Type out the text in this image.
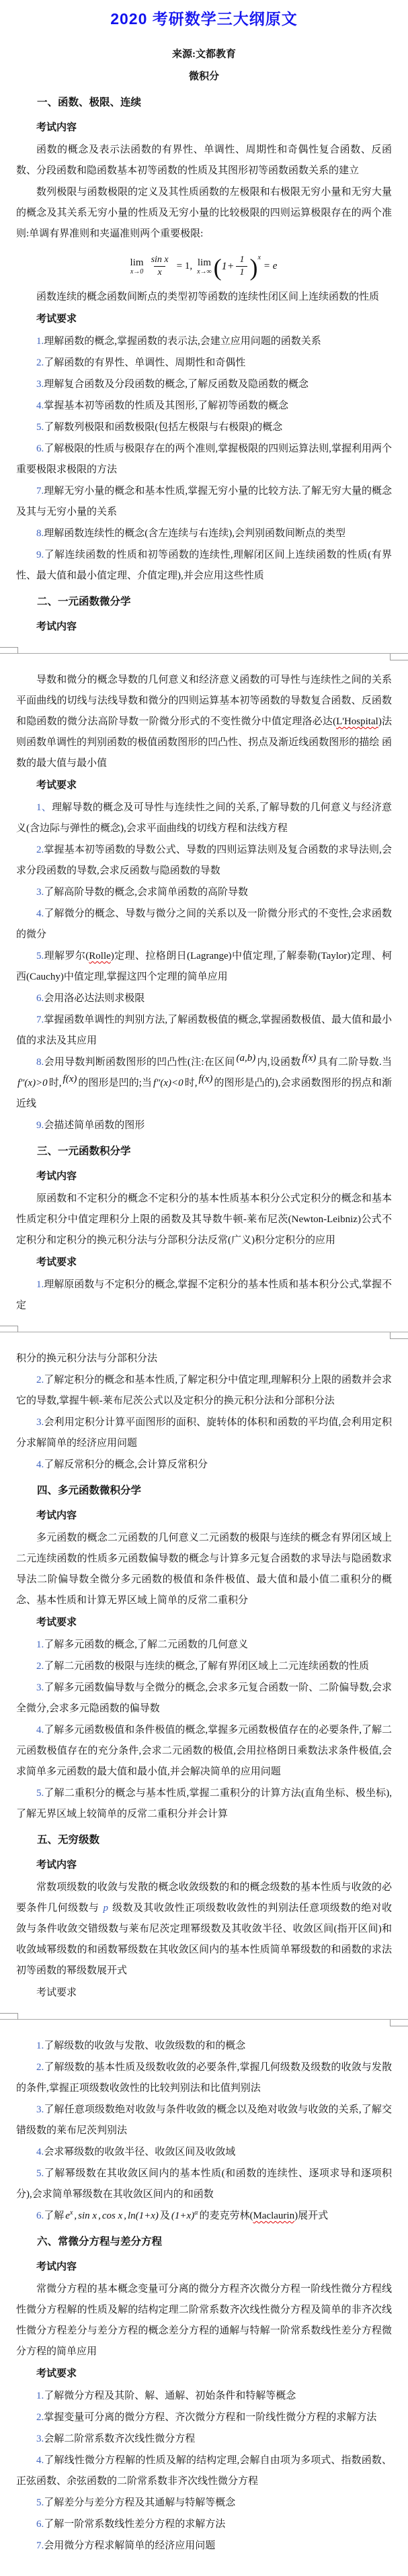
2020 考研数学三大纲原文
来源:文都教育
微积分
一、函数、极限、连续
考试内容

函数的概念及表示法函数的有界性、单调性、周期性和奇偶性复合函数、反函数、分段函数和隐函数基本初等函数的性质及其图形初等函数函数关系的建立

数列极限与函数极限的定义及其性质函数的左极限和右极限无穷小量和无穷大量的概念及其关系无穷小量的性质及无穷小量的比较极限的四则运算极限存在的两个准则:单调有界准则和夹逼准则两个重要极限:

lim
$x\to 0 \frac{\text{sin x}}{x} = 1$, lim
x→∞ ( $1+ \frac{1}{1}$ ) x
= e

函数连续的概念函数间断点的类型初等函数的连续性闭区间上连续函数的性质

考试要求

1.理解函数的概念,掌握函数的表示法,会建立应用问题的函数关系

2.了解函数的有界性、单调性、周期性和奇偶性

3.理解复合函数及分段函数的概念,了解反函数及隐函数的概念

4.掌握基本初等函数的性质及其图形,了解初等函数的概念

5.了解数列极限和函数极限(包括左极限与右极限)的概念

6.了解极限的性质与极限存在的两个准则,掌握极限的四则运算法则,掌握利用两个重要极限求极限的方法

7.理解无穷小量的概念和基本性质,掌握无穷小量的比较方法.了解无穷大量的概念及其与无穷小量的关系

8.理解函数连续性的概念(含左连续与右连续),会判别函数间断点的类型

9.了解连续函数的性质和初等函数的连续性,理解闭区间上连续函数的性质(有界性、最大值和最小值定理、介值定理),并会应用这些性质

二、一元函数微分学
考试内容

导数和微分的概念导数的几何意义和经济意义函数的可导性与连续性之间的关系平面曲线的切线与法线导数和微分的四则运算基本初等函数的导数复合函数、反函数和隐函数的微分法高阶导数一阶微分形式的不变性微分中值定理洛必达(L'Hospital)法则函数单调性的判别函数的极值函数图形的凹凸性、拐点及渐近线函数图形的描绘 函数的最大值与最小值

考试要求

1、理解导数的概念及可导性与连续性之间的关系,了解导数的几何意义与经济意义(含边际与弹性的概念),会求平面曲线的切线方程和法线方程

2.掌握基本初等函数的导数公式、导数的四则运算法则及复合函数的求导法则,会求分段函数的导数,会求反函数与隐函数的导数

3.了解高阶导数的概念,会求简单函数的高阶导数

4.了解微分的概念、导数与微分之间的关系以及一阶微分形式的不变性,会求函数的微分

5.理解罗尔(Rolle)定理、拉格朗日(Lagrange)中值定理,了解泰勒(Taylor)定理、柯西(Cauchy)中值定理,掌握这四个定理的简单应用

6.会用洛必达法则求极限

7.掌握函数单调性的判别方法,了解函数极值的概念,掌握函数极值、最大值和最小值的求法及其应用

8.会用导数判断函数图形的凹凸性(注:在区间 (a,b) 内,设函数 f(x) 具有二阶导数.当f″(x)>0 时, f(x) 的图形是凹的;当 f″(x)<0 时, f(x) 的图形是凸的),会求函数图形的拐点和渐近线

9.会描述简单函数的图形

三、一元函数积分学
考试内容

原函数和不定积分的概念不定积分的基本性质基本积分公式定积分的概念和基本性质定积分中值定理积分上限的函数及其导数牛顿-莱布尼茨(Newton-Leibniz)公式不定积分和定积分的换元积分法与分部积分法反常(广义)积分定积分的应用

考试要求

1.理解原函数与不定积分的概念,掌握不定积分的基本性质和基本积分公式,掌握不定

积分的换元积分法与分部积分法

2.了解定积分的概念和基本性质,了解定积分中值定理,理解积分上限的函数并会求它的导数,掌握牛顿-莱布尼茨公式以及定积分的换元积分法和分部积分法

3.会利用定积分计算平面图形的面积、旋转体的体积和函数的平均值,会利用定积分求解简单的经济应用问题

4.了解反常积分的概念,会计算反常积分

四、多元函数微积分学
考试内容

多元函数的概念二元函数的几何意义二元函数的极限与连续的概念有界闭区域上二元连续函数的性质多元函数偏导数的概念与计算多元复合函数的求导法与隐函数求导法二阶偏导数全微分多元函数的极值和条件极值、最大值和最小值二重积分的概念、基本性质和计算无界区域上简单的反常二重积分

考试要求

1.了解多元函数的概念,了解二元函数的几何意义

2.了解二元函数的极限与连续的概念,了解有界闭区域上二元连续函数的性质

3.了解多元函数偏导数与全微分的概念,会求多元复合函数一阶、二阶偏导数,会求全微分,会求多元隐函数的偏导数

4.了解多元函数极值和条件极值的概念,掌握多元函数极值存在的必要条件,了解二元函数极值存在的充分条件,会求二元函数的极值,会用拉格朗日乘数法求条件极值,会求简单多元函数的最大值和最小值,并会解决简单的应用问题

5.了解二重积分的概念与基本性质,掌握二重积分的计算方法(直角坐标、极坐标),了解无界区域上较简单的反常二重积分并会计算

五、无穷级数
考试内容

常数项级数的收敛与发散的概念收敛级数的和的概念级数的基本性质与收敛的必要条件几何级数与 p 级数及其收敛性正项级数收敛性的判别法任意项级数的绝对收敛与条件收敛交错级数与莱布尼茨定理幂级数及其收敛半径、收敛区间(指开区间)和收敛域幂级数的和函数幂级数在其收敛区间内的基本性质简单幂级数的和函数的求法初等函数的幂级数展开式

考试要求

1.了解级数的收敛与发散、收敛级数的和的概念

2.了解级数的基本性质及级数收敛的必要条件,掌握几何级数及级数的收敛与发散的条件,掌握正项级数收敛性的比较判别法和比值判别法

3.了解任意项级数绝对收敛与条件收敛的概念以及绝对收敛与收敛的关系,了解交错级数的莱布尼茨判别法

4.会求幂级数的收敛半径、收敛区间及收敛域

5.了解幂级数在其收敛区间内的基本性质(和函数的连续性、逐项求导和逐项积分),会求简单幂级数在其收敛区间内的和函数

6.了解 $e^x$ , sin x , cos x , ln(1+x) 及 $(1+x)^\alpha$ 的麦克劳林(Maclaurin)展开式

六、常微分方程与差分方程
考试内容

常微分方程的基本概念变量可分离的微分方程齐次微分方程一阶线性微分方程线性微分方程解的性质及解的结构定理二阶常系数齐次线性微分方程及简单的非齐次线性微分方程差分与差分方程的概念差分方程的通解与特解一阶常系数线性差分方程微分方程的简单应用

考试要求

1.了解微分方程及其阶、解、通解、初始条件和特解等概念

2.掌握变量可分离的微分方程、齐次微分方程和一阶线性微分方程的求解方法

3.会解二阶常系数齐次线性微分方程

4.了解线性微分方程解的性质及解的结构定理,会解自由项为多项式、指数函数、正弦函数、余弦函数的二阶常系数非齐次线性微分方程

5.了解差分与差分方程及其通解与特解等概念

6.了解一阶常系数线性差分方程的求解方法

7.会用微分方程求解简单的经济应用问题
